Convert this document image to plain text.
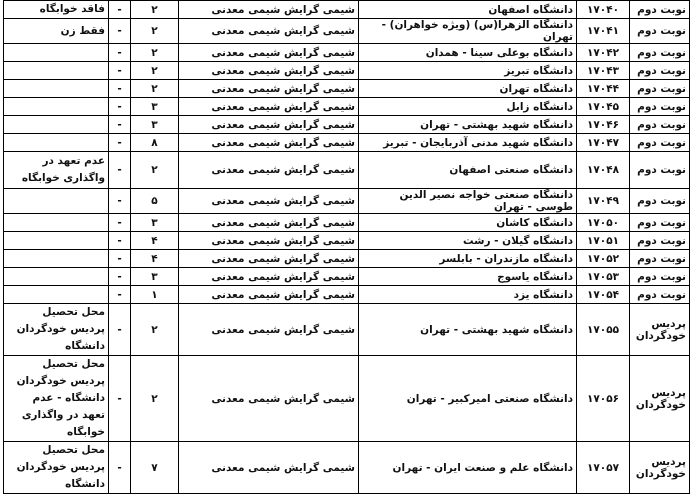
نوبت دوم	۱۷۰۴۰	دانشگاه اصفهان	شیمی گرایش شیمی معدنی	۲	-	فاقد خوابگاه
نوبت دوم	۱۷۰۴۱	دانشگاه الزهرا(س) (ویژه خواهران) - تهران	شیمی گرایش شیمی معدنی	۲	-	فقط زن
نوبت دوم	۱۷۰۴۲	دانشگاه بوعلی سینا - همدان	شیمی گرایش شیمی معدنی	۲	-	
نوبت دوم	۱۷۰۴۳	دانشگاه تبریز	شیمی گرایش شیمی معدنی	۲	-	
نوبت دوم	۱۷۰۴۴	دانشگاه تهران	شیمی گرایش شیمی معدنی	۲	-	
نوبت دوم	۱۷۰۴۵	دانشگاه زابل	شیمی گرایش شیمی معدنی	۳	-	
نوبت دوم	۱۷۰۴۶	دانشگاه شهید بهشتی - تهران	شیمی گرایش شیمی معدنی	۳	-	
نوبت دوم	۱۷۰۴۷	دانشگاه شهید مدنی آذربایجان - تبریز	شیمی گرایش شیمی معدنی	۸	-	
نوبت دوم	۱۷۰۴۸	دانشگاه صنعتی اصفهان	شیمی گرایش شیمی معدنی	۲	-	عدم تعهد در واگذاری خوابگاه
نوبت دوم	۱۷۰۴۹	دانشگاه صنعتی خواجه نصیر الدین طوسی - تهران	شیمی گرایش شیمی معدنی	۵	-	
نوبت دوم	۱۷۰۵۰	دانشگاه کاشان	شیمی گرایش شیمی معدنی	۳	-	
نوبت دوم	۱۷۰۵۱	دانشگاه گیلان - رشت	شیمی گرایش شیمی معدنی	۴	-	
نوبت دوم	۱۷۰۵۲	دانشگاه مازندران - بابلسر	شیمی گرایش شیمی معدنی	۴	-	
نوبت دوم	۱۷۰۵۳	دانشگاه یاسوج	شیمی گرایش شیمی معدنی	۳	-	
نوبت دوم	۱۷۰۵۴	دانشگاه یزد	شیمی گرایش شیمی معدنی	۱	-	
پردیس خودگردان	۱۷۰۵۵	دانشگاه شهید بهشتی - تهران	شیمی گرایش شیمی معدنی	۲	-	محل تحصیل پردیس خودگردان دانشگاه
پردیس خودگردان	۱۷۰۵۶	دانشگاه صنعتی امیرکبیر - تهران	شیمی گرایش شیمی معدنی	۲	-	محل تحصیل پردیس خودگردان دانشگاه - عدم تعهد در واگذاری خوابگاه
پردیس خودگردان	۱۷۰۵۷	دانشگاه علم و صنعت ایران - تهران	شیمی گرایش شیمی معدنی	۷	-	محل تحصیل پردیس خودگردان دانشگاه
